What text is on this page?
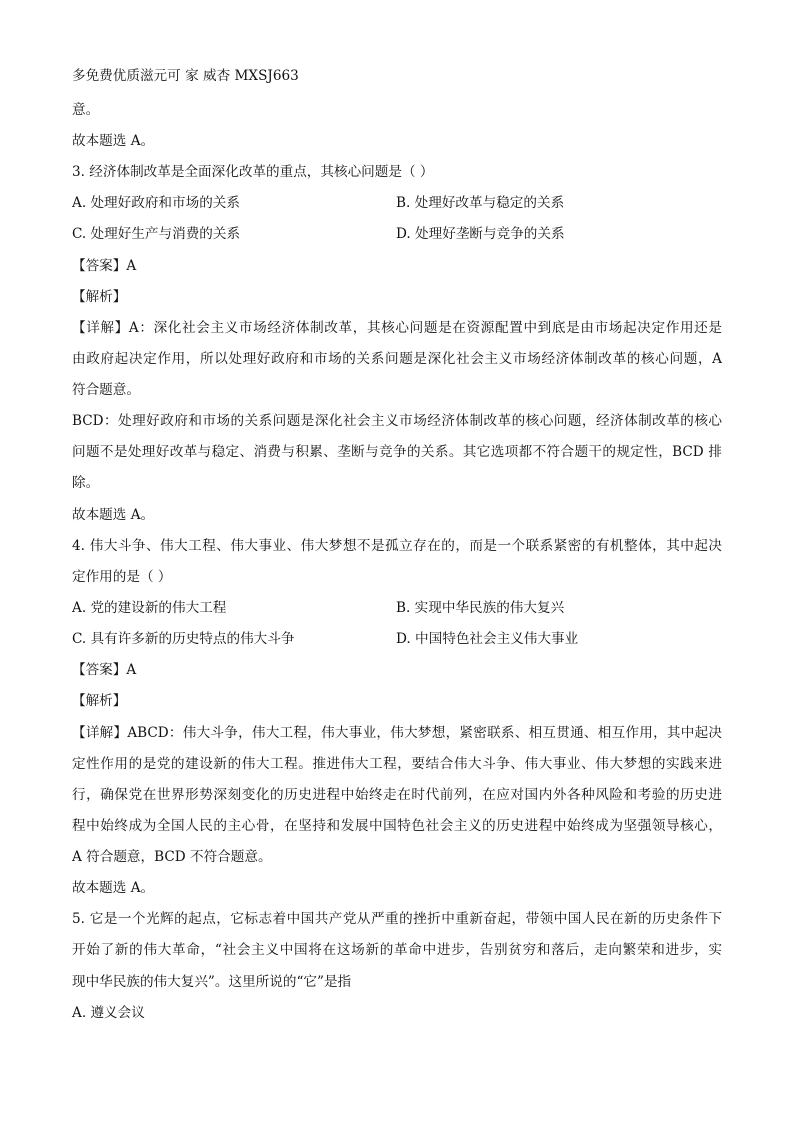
多免费优质滋元可 家 威杏 MXSJ663
意。
故本题选 A。
3. 经济体制改革是全面深化改革的重点，其核心问题是（ ）
A. 处理好政府和市场的关系	B. 处理好改革与稳定的关系
C. 处理好生产与消费的关系	D. 处理好垄断与竞争的关系
【答案】A
【解析】
【详解】A：深化社会主义市场经济体制改革，其核心问题是在资源配置中到底是由市场起决定作用还是
由政府起决定作用，所以处理好政府和市场的关系问题是深化社会主义市场经济体制改革的核心问题，A
符合题意。
BCD：处理好政府和市场的关系问题是深化社会主义市场经济体制改革的核心问题，经济体制改革的核心
问题不是处理好改革与稳定、消费与积累、垄断与竞争的关系。其它选项都不符合题干的规定性，BCD 排
除。
故本题选 A。
4. 伟大斗争、伟大工程、伟大事业、伟大梦想不是孤立存在的，而是一个联系紧密的有机整体，其中起决
定作用的是（ ）
A. 党的建设新的伟大工程	B. 实现中华民族的伟大复兴
C. 具有许多新的历史特点的伟大斗争	D. 中国特色社会主义伟大事业
【答案】A
【解析】
【详解】ABCD：伟大斗争，伟大工程，伟大事业，伟大梦想，紧密联系、相互贯通、相互作用，其中起决
定性作用的是党的建设新的伟大工程。推进伟大工程，要结合伟大斗争、伟大事业、伟大梦想的实践来进
行，确保党在世界形势深刻变化的历史进程中始终走在时代前列，在应对国内外各种风险和考验的历史进
程中始终成为全国人民的主心骨，在坚持和发展中国特色社会主义的历史进程中始终成为坚强领导核心，
A 符合题意，BCD 不符合题意。
故本题选 A。
5. 它是一个光辉的起点，它标志着中国共产党从严重的挫折中重新奋起，带领中国人民在新的历史条件下
开始了新的伟大革命，“社会主义中国将在这场新的革命中进步，告别贫穷和落后，走向繁荣和进步，实
现中华民族的伟大复兴”。这里所说的“它”是指
A. 遵义会议
